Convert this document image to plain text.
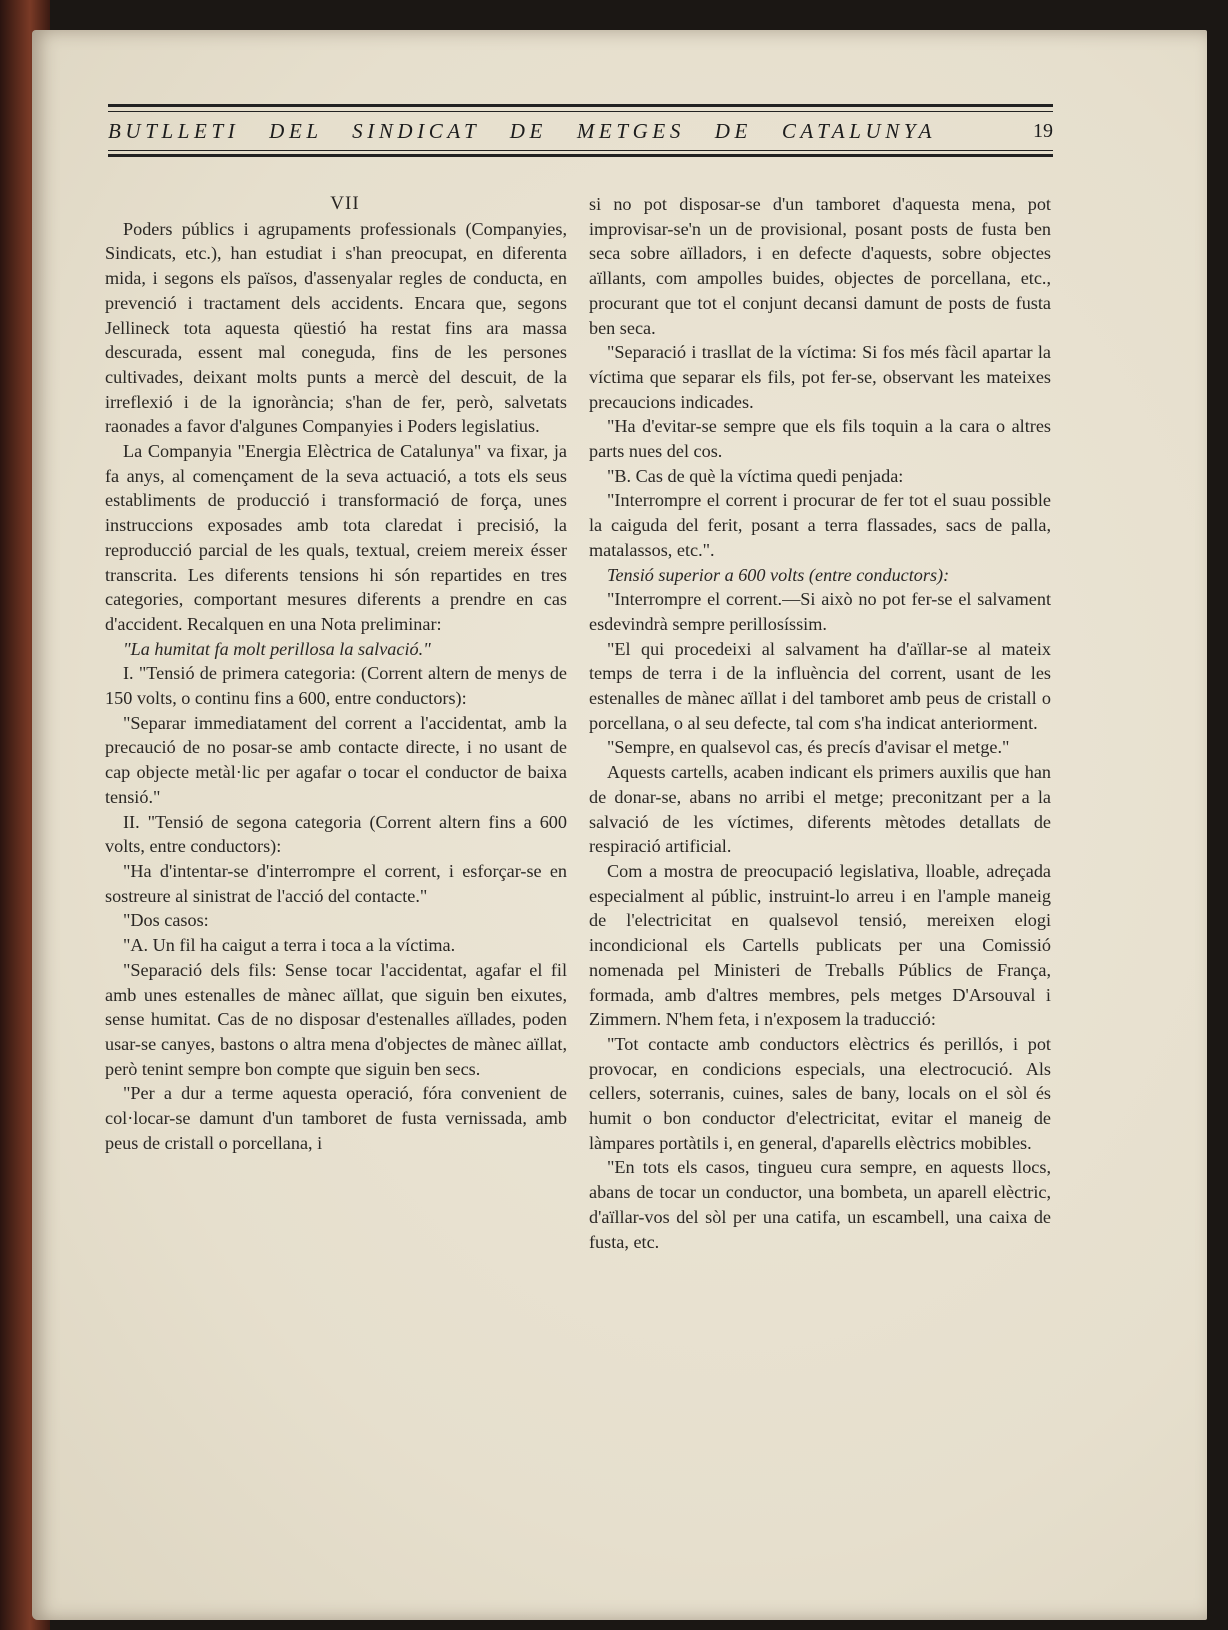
BUTLLETI DEL SINDICAT DE METGES DE CATALUNYA	19

VII

Poders públics i agrupaments professionals (Companyies, Sindicats, etc.), han estudiat i s'han preocupat, en diferenta mida, i segons els països, d'assenyalar regles de conducta, en prevenció i tractament dels accidents. Encara que, segons Jellineck tota aquesta qüestió ha restat fins ara massa descurada, essent mal coneguda, fins de les persones cultivades, deixant molts punts a mercè del descuit, de la irreflexió i de la ignorància; s'han de fer, però, salvetats raonades a favor d'algunes Companyies i Poders legislatius.

La Companyia "Energia Elèctrica de Catalunya" va fixar, ja fa anys, al començament de la seva actuació, a tots els seus establiments de producció i transformació de força, unes instruccions exposades amb tota claredat i precisió, la reproducció parcial de les quals, textual, creiem mereix ésser transcrita. Les diferents tensions hi són repartides en tres categories, comportant mesures diferents a prendre en cas d'accident. Recalquen en una Nota preliminar:

"La humitat fa molt perillosa la salvació."

I. "Tensió de primera categoria: (Corrent altern de menys de 150 volts, o continu fins a 600, entre conductors):

"Separar immediatament del corrent a l'accidentat, amb la precaució de no posar-se amb contacte directe, i no usant de cap objecte metàl·lic per agafar o tocar el conductor de baixa tensió."

II. "Tensió de segona categoria (Corrent altern fins a 600 volts, entre conductors):

"Ha d'intentar-se d'interrompre el corrent, i esforçar-se en sostreure al sinistrat de l'acció del contacte."

"Dos casos:

"A. Un fil ha caigut a terra i toca a la víctima.

"Separació dels fils: Sense tocar l'accidentat, agafar el fil amb unes estenalles de mànec aïllat, que siguin ben eixutes, sense humitat. Cas de no disposar d'estenalles aïllades, poden usar-se canyes, bastons o altra mena d'objectes de mànec aïllat, però tenint sempre bon compte que siguin ben secs.

"Per a dur a terme aquesta operació, fóra convenient de col·locar-se damunt d'un tamboret de fusta vernissada, amb peus de cristall o porcellana, i

si no pot disposar-se d'un tamboret d'aquesta mena, pot improvisar-se'n un de provisional, posant posts de fusta ben seca sobre aïlladors, i en defecte d'aquests, sobre objectes aïllants, com ampolles buides, objectes de porcellana, etc., procurant que tot el conjunt decansi damunt de posts de fusta ben seca.

"Separació i trasllat de la víctima: Si fos més fàcil apartar la víctima que separar els fils, pot fer-se, observant les mateixes precaucions indicades.

"Ha d'evitar-se sempre que els fils toquin a la cara o altres parts nues del cos.

"B. Cas de què la víctima quedi penjada:

"Interrompre el corrent i procurar de fer tot el suau possible la caiguda del ferit, posant a terra flassades, sacs de palla, matalassos, etc.".

Tensió superior a 600 volts (entre conductors):

"Interrompre el corrent.—Si això no pot fer-se el salvament esdevindrà sempre perillosíssim.

"El qui procedeixi al salvament ha d'aïllar-se al mateix temps de terra i de la influència del corrent, usant de les estenalles de mànec aïllat i del tamboret amb peus de cristall o porcellana, o al seu defecte, tal com s'ha indicat anteriorment.

"Sempre, en qualsevol cas, és precís d'avisar el metge."

Aquests cartells, acaben indicant els primers auxilis que han de donar-se, abans no arribi el metge; preconitzant per a la salvació de les víctimes, diferents mètodes detallats de respiració artificial.

Com a mostra de preocupació legislativa, lloable, adreçada especialment al públic, instruint-lo arreu i en l'ample maneig de l'electricitat en qualsevol tensió, mereixen elogi incondicional els Cartells publicats per una Comissió nomenada pel Ministeri de Treballs Públics de França, formada, amb d'altres membres, pels metges D'Arsouval i Zimmern. N'hem feta, i n'exposem la traducció:

"Tot contacte amb conductors elèctrics és perillós, i pot provocar, en condicions especials, una electrocució. Als cellers, soterranis, cuines, sales de bany, locals on el sòl és humit o bon conductor d'electricitat, evitar el maneig de làmpares portàtils i, en general, d'aparells elèctrics mobibles.

"En tots els casos, tingueu cura sempre, en aquests llocs, abans de tocar un conductor, una bombeta, un aparell elèctric, d'aïllar-vos del sòl per una catifa, un escambell, una caixa de fusta, etc.
